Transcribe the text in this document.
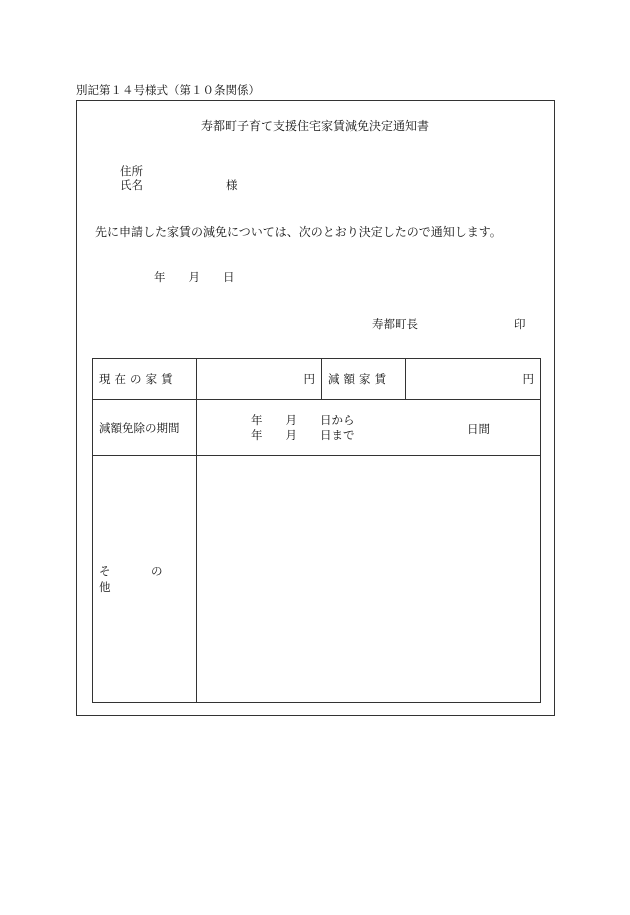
別記第１４号様式（第１０条関係）
寿都町子育て支援住宅家賃減免決定通知書
住所
氏名	様
先に申請した家賃の減免については、次のとおり決定したので通知します。
年　　月　　日
寿都町長	印
現在の家賃	円	減額家賃	円
減額免除の期間	年　　月　　日から
年　　月　　日まで 日間		

そ の 他			
